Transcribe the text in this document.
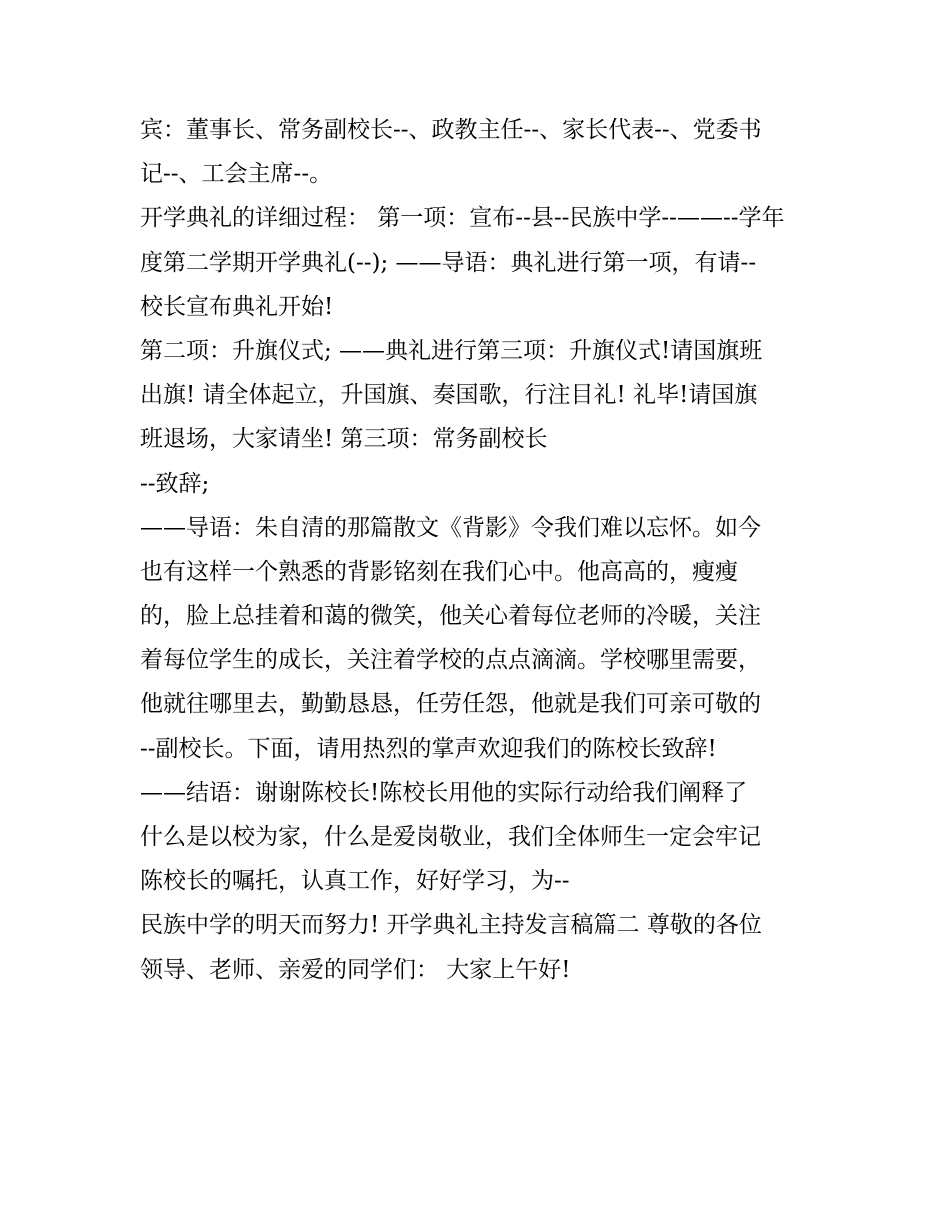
宾：董事长、常务副校长--、政教主任--、家长代表--、党委书
记--、工会主席--。
开学典礼的详细过程： 第一项：宣布--县--民族中学--——--学年
度第二学期开学典礼(--); ——导语：典礼进行第一项，有请--
校长宣布典礼开始!
第二项：升旗仪式; ——典礼进行第三项：升旗仪式!请国旗班
出旗! 请全体起立，升国旗、奏国歌，行注目礼! 礼毕!请国旗
班退场，大家请坐! 第三项：常务副校长
--致辞;
——导语：朱自清的那篇散文《背影》令我们难以忘怀。如今
也有这样一个熟悉的背影铭刻在我们心中。他高高的，瘦瘦
的，脸上总挂着和蔼的微笑，他关心着每位老师的冷暖，关注
着每位学生的成长，关注着学校的点点滴滴。学校哪里需要，
他就往哪里去，勤勤恳恳，任劳任怨，他就是我们可亲可敬的
--副校长。下面，请用热烈的掌声欢迎我们的陈校长致辞!
——结语：谢谢陈校长!陈校长用他的实际行动给我们阐释了
什么是以校为家，什么是爱岗敬业，我们全体师生一定会牢记
陈校长的嘱托，认真工作，好好学习，为--
民族中学的明天而努力! 开学典礼主持发言稿篇二 尊敬的各位
领导、老师、亲爱的同学们： 大家上午好!
